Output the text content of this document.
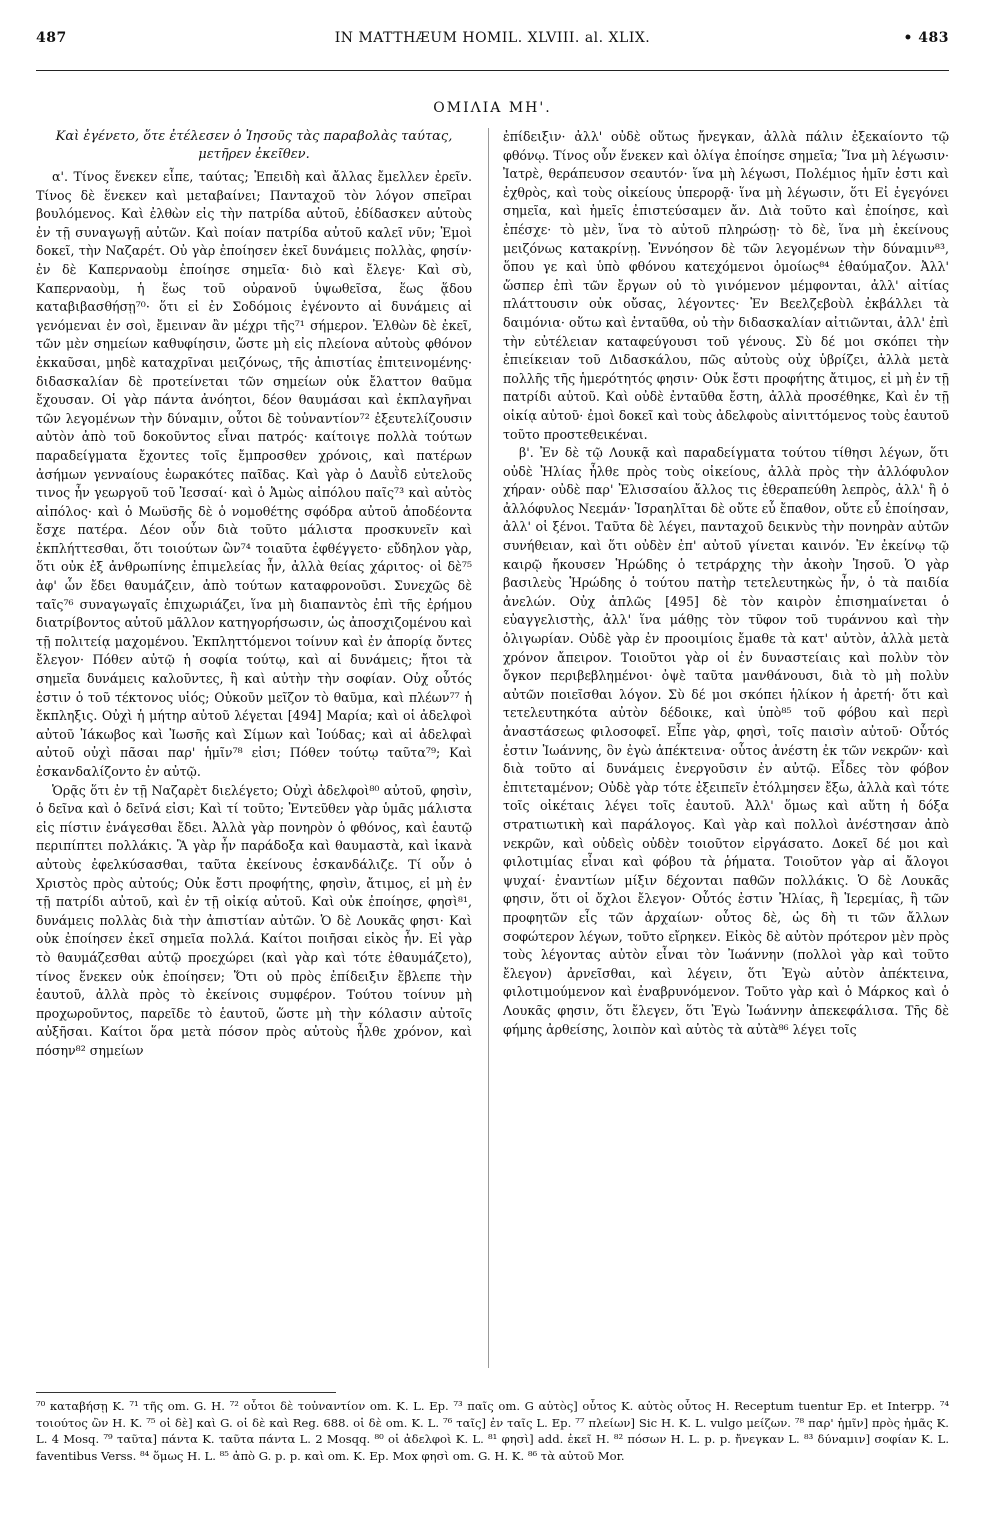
487	IN MATTHÆUM HOMIL. XLVIII. al. XLIX.	• 483
ΟΜΙΛΙΑ ΜΗ'.

Καὶ ἐγένετο, ὅτε ἐτέλεσεν ὁ Ἰησοῦς τὰς παραβολὰς ταύτας, μετῆρεν ἐκεῖθεν.

α'. Τίνος ἕνεκεν εἶπε, ταύτας; Ἐπειδὴ καὶ ἄλλας ἔμελλεν ἐρεῖν. Τίνος δὲ ἕνεκεν καὶ μεταβαίνει; Πανταχοῦ τὸν λόγον σπεῖραι βουλόμενος. Καὶ ἐλθὼν εἰς τὴν πατρίδα αὐτοῦ, ἐδίδασκεν αὐτοὺς ἐν τῇ συναγωγῇ αὐτῶν. Καὶ ποίαν πατρίδα αὐτοῦ καλεῖ νῦν; Ἐμοὶ δοκεῖ, τὴν Ναζαρέτ. Οὐ γὰρ ἐποίησεν ἐκεῖ δυνάμεις πολλὰς, φησίν· ἐν δὲ Καπερναοὺμ ἐποίησε σημεῖα· διὸ καὶ ἔλεγε· Καὶ σὺ, Καπερναοὺμ, ἡ ἕως τοῦ οὐρανοῦ ὑψωθεῖσα, ἕως ᾅδου καταβιβασθήσῃ⁷⁰· ὅτι εἰ ἐν Σοδόμοις ἐγένοντο αἱ δυνάμεις αἱ γενόμεναι ἐν σοὶ, ἔμειναν ἂν μέχρι τῆς⁷¹ σήμερον. Ἐλθὼν δὲ ἐκεῖ, τῶν μὲν σημείων καθυφίησιν, ὥστε μὴ εἰς πλείονα αὐτοὺς φθόνον ἐκκαῦσαι, μηδὲ καταχρῖναι μειζόνως, τῆς ἀπιστίας ἐπιτεινομένης· διδασκαλίαν δὲ προτείνεται τῶν σημείων οὐκ ἔλαττον θαῦμα ἔχουσαν. Οἱ γὰρ πάντα ἀνόητοι, δέον θαυμάσαι καὶ ἐκπλαγῆναι τῶν λεγομένων τὴν δύναμιν, οὗτοι δὲ τοὐναντίον⁷² ἐξευτελίζουσιν αὐτὸν ἀπὸ τοῦ δοκοῦντος εἶναι πατρός· καίτοιγε πολλὰ τούτων παραδείγματα ἔχοντες τοῖς ἔμπροσθεν χρόνοις, καὶ πατέρων ἀσήμων γενναίους ἑωρακότες παῖδας. Καὶ γὰρ ὁ Δαυῒδ εὐτελοῦς τινος ἦν γεωργοῦ τοῦ Ἰεσσαί· καὶ ὁ Ἀμὼς αἰπόλου παῖς⁷³ καὶ αὐτὸς αἰπόλος· καὶ ὁ Μωϋσῆς δὲ ὁ νομοθέτης σφόδρα αὐτοῦ ἀποδέοντα ἔσχε πατέρα. Δέον οὖν διὰ τοῦτο μάλιστα προσκυνεῖν καὶ ἐκπλήττεσθαι, ὅτι τοιούτων ὢν⁷⁴ τοιαῦτα ἐφθέγγετο· εὔδηλον γὰρ, ὅτι οὐκ ἐξ ἀνθρωπίνης ἐπιμελείας ἦν, ἀλλὰ θείας χάριτος· οἱ δὲ⁷⁵ ἀφ' ὧν ἔδει θαυμάζειν, ἀπὸ τούτων καταφρονοῦσι. Συνεχῶς δὲ ταῖς⁷⁶ συναγωγαῖς ἐπιχωριάζει, ἵνα μὴ διαπαντὸς ἐπὶ τῆς ἐρήμου διατρίβοντος αὐτοῦ μᾶλλον κατηγορήσωσιν, ὡς ἀποσχιζομένου καὶ τῇ πολιτείᾳ μαχομένου. Ἐκπληττόμενοι τοίνυν καὶ ἐν ἀπορίᾳ ὄντες ἔλεγον· Πόθεν αὐτῷ ἡ σοφία τούτῳ, καὶ αἱ δυνάμεις; ἤτοι τὰ σημεῖα δυνάμεις καλοῦντες, ἢ καὶ αὐτὴν τὴν σοφίαν. Οὐχ οὗτός ἐστιν ὁ τοῦ τέκτονος υἱός; Οὐκοῦν μεῖζον τὸ θαῦμα, καὶ πλέων⁷⁷ ἡ ἔκπληξις. Οὐχὶ ἡ μήτηρ αὐτοῦ λέγεται [494] Μαρία; καὶ οἱ ἀδελφοὶ αὐτοῦ Ἰάκωβος καὶ Ἰωσῆς καὶ Σίμων καὶ Ἰούδας; καὶ αἱ ἀδελφαὶ αὐτοῦ οὐχὶ πᾶσαι παρ' ἡμῖν⁷⁸ εἰσι; Πόθεν τούτῳ ταῦτα⁷⁹; Καὶ ἐσκανδαλίζοντο ἐν αὐτῷ.

Ὁρᾷς ὅτι ἐν τῇ Ναζαρὲτ διελέγετο; Οὐχὶ ἀδελφοὶ⁸⁰ αὐτοῦ, φησὶν, ὁ δεῖνα καὶ ὁ δεῖνά εἰσι; Καὶ τί τοῦτο; Ἐντεῦθεν γὰρ ὑμᾶς μάλιστα εἰς πίστιν ἐνάγεσθαι ἔδει. Ἀλλὰ γὰρ πονηρὸν ὁ φθόνος, καὶ ἑαυτῷ περιπίπτει πολλάκις. Ἃ γὰρ ἦν παράδοξα καὶ θαυμαστὰ, καὶ ἱκανὰ αὐτοὺς ἐφελκύσασθαι, ταῦτα ἐκείνους ἐσκανδάλιζε. Τί οὖν ὁ Χριστὸς πρὸς αὐτούς; Οὐκ ἔστι προφήτης, φησὶν, ἄτιμος, εἰ μὴ ἐν τῇ πατρίδι αὐτοῦ, καὶ ἐν τῇ οἰκίᾳ αὐτοῦ. Καὶ οὐκ ἐποίησε, φησὶ⁸¹, δυνάμεις πολλὰς διὰ τὴν ἀπιστίαν αὐτῶν. Ὁ δὲ Λουκᾶς φησι· Καὶ οὐκ ἐποίησεν ἐκεῖ σημεῖα πολλά. Καίτοι ποιῆσαι εἰκὸς ἦν. Εἰ γὰρ τὸ θαυμάζεσθαι αὐτῷ προεχώρει (καὶ γὰρ καὶ τότε ἐθαυμάζετο), τίνος ἕνεκεν οὐκ ἐποίησεν; Ὅτι οὐ πρὸς ἐπίδειξιν ἔβλεπε τὴν ἑαυτοῦ, ἀλλὰ πρὸς τὸ ἐκείνοις συμφέρον. Τούτου τοίνυν μὴ προχωροῦντος, παρεῖδε τὸ ἑαυτοῦ, ὥστε μὴ τὴν κόλασιν αὐτοῖς αὐξῆσαι. Καίτοι ὅρα μετὰ πόσον πρὸς αὐτοὺς ἦλθε χρόνον, καὶ πόσην⁸² σημείων

ἐπίδειξιν· ἀλλ' οὐδὲ οὕτως ἤνεγκαν, ἀλλὰ πάλιν ἐξεκαίοντο τῷ φθόνῳ. Τίνος οὖν ἕνεκεν καὶ ὀλίγα ἐποίησε σημεῖα; Ἵνα μὴ λέγωσιν· Ἰατρὲ, θεράπευσον σεαυτόν· ἵνα μὴ λέγωσι, Πολέμιος ἡμῖν ἐστι καὶ ἐχθρὸς, καὶ τοὺς οἰκείους ὑπερορᾷ· ἵνα μὴ λέγωσιν, ὅτι Εἰ ἐγεγόνει σημεῖα, καὶ ἡμεῖς ἐπιστεύσαμεν ἄν. Διὰ τοῦτο καὶ ἐποίησε, καὶ ἐπέσχε· τὸ μὲν, ἵνα τὸ αὐτοῦ πληρώσῃ· τὸ δὲ, ἵνα μὴ ἐκείνους μειζόνως κατακρίνῃ. Ἐννόησον δὲ τῶν λεγομένων τὴν δύναμιν⁸³, ὅπου γε καὶ ὑπὸ φθόνου κατεχόμενοι ὁμοίως⁸⁴ ἐθαύμαζον. Ἀλλ' ὥσπερ ἐπὶ τῶν ἔργων οὐ τὸ γινόμενον μέμφονται, ἀλλ' αἰτίας πλάττουσιν οὐκ οὔσας, λέγοντες· Ἐν Βεελζεβοὺλ ἐκβάλλει τὰ δαιμόνια· οὕτω καὶ ἐνταῦθα, οὐ τὴν διδασκαλίαν αἰτιῶνται, ἀλλ' ἐπὶ τὴν εὐτέλειαν καταφεύγουσι τοῦ γένους. Σὺ δέ μοι σκόπει τὴν ἐπιείκειαν τοῦ Διδασκάλου, πῶς αὐτοὺς οὐχ ὑβρίζει, ἀλλὰ μετὰ πολλῆς τῆς ἡμερότητός φησιν· Οὐκ ἔστι προφήτης ἄτιμος, εἰ μὴ ἐν τῇ πατρίδι αὐτοῦ. Καὶ οὐδὲ ἐνταῦθα ἔστη, ἀλλὰ προσέθηκε, Καὶ ἐν τῇ οἰκίᾳ αὐτοῦ· ἐμοὶ δοκεῖ καὶ τοὺς ἀδελφοὺς αἰνιττόμενος τοὺς ἑαυτοῦ τοῦτο προστεθεικέναι.

β'. Ἐν δὲ τῷ Λουκᾷ καὶ παραδείγματα τούτου τίθησι λέγων, ὅτι οὐδὲ Ἠλίας ἦλθε πρὸς τοὺς οἰκείους, ἀλλὰ πρὸς τὴν ἀλλόφυλον χήραν· οὐδὲ παρ' Ἐλισσαίου ἄλλος τις ἐθεραπεύθη λεπρὸς, ἀλλ' ἢ ὁ ἀλλόφυλος Νεεμάν· Ἰσραηλῖται δὲ οὔτε εὖ ἔπαθον, οὔτε εὖ ἐποίησαν, ἀλλ' οἱ ξένοι. Ταῦτα δὲ λέγει, πανταχοῦ δεικνὺς τὴν πονηρὰν αὐτῶν συνήθειαν, καὶ ὅτι οὐδὲν ἐπ' αὐτοῦ γίνεται καινόν. Ἐν ἐκείνῳ τῷ καιρῷ ἤκουσεν Ἡρώδης ὁ τετράρχης τὴν ἀκοὴν Ἰησοῦ. Ὁ γὰρ βασιλεὺς Ἡρώδης ὁ τούτου πατὴρ τετελευτηκὼς ἦν, ὁ τὰ παιδία ἀνελών. Οὐχ ἁπλῶς [495] δὲ τὸν καιρὸν ἐπισημαίνεται ὁ εὐαγγελιστὴς, ἀλλ' ἵνα μάθῃς τὸν τῦφον τοῦ τυράννου καὶ τὴν ὀλιγωρίαν. Οὐδὲ γὰρ ἐν προοιμίοις ἔμαθε τὰ κατ' αὐτὸν, ἀλλὰ μετὰ χρόνον ἄπειρον. Τοιοῦτοι γὰρ οἱ ἐν δυναστείαις καὶ πολὺν τὸν ὄγκον περιβεβλημένοι· ὀψὲ ταῦτα μανθάνουσι, διὰ τὸ μὴ πολὺν αὐτῶν ποιεῖσθαι λόγον. Σὺ δέ μοι σκόπει ἡλίκον ἡ ἀρετή· ὅτι καὶ τετελευτηκότα αὐτὸν δέδοικε, καὶ ὑπὸ⁸⁵ τοῦ φόβου καὶ περὶ ἀναστάσεως φιλοσοφεῖ. Εἶπε γὰρ, φησὶ, τοῖς παισὶν αὐτοῦ· Οὗτός ἐστιν Ἰωάννης, ὃν ἐγὼ ἀπέκτεινα· οὗτος ἀνέστη ἐκ τῶν νεκρῶν· καὶ διὰ τοῦτο αἱ δυνάμεις ἐνεργοῦσιν ἐν αὐτῷ. Εἶδες τὸν φόβον ἐπιτεταμένον; Οὐδὲ γὰρ τότε ἐξειπεῖν ἐτόλμησεν ἔξω, ἀλλὰ καὶ τότε τοῖς οἰκέταις λέγει τοῖς ἑαυτοῦ. Ἀλλ' ὅμως καὶ αὕτη ἡ δόξα στρατιωτικὴ καὶ παράλογος. Καὶ γὰρ καὶ πολλοὶ ἀνέστησαν ἀπὸ νεκρῶν, καὶ οὐδεὶς οὐδὲν τοιοῦτον εἰργάσατο. Δοκεῖ δέ μοι καὶ φιλοτιμίας εἶναι καὶ φόβου τὰ ῥήματα. Τοιοῦτον γὰρ αἱ ἄλογοι ψυχαί· ἐναντίων μίξιν δέχονται παθῶν πολλάκις. Ὁ δὲ Λουκᾶς φησιν, ὅτι οἱ ὄχλοι ἔλεγον· Οὗτός ἐστιν Ἠλίας, ἢ Ἱερεμίας, ἢ τῶν προφητῶν εἷς τῶν ἀρχαίων· οὗτος δὲ, ὡς δὴ τι τῶν ἄλλων σοφώτερον λέγων, τοῦτο εἴρηκεν. Εἰκὸς δὲ αὐτὸν πρότερον μὲν πρὸς τοὺς λέγοντας αὐτὸν εἶναι τὸν Ἰωάννην (πολλοὶ γὰρ καὶ τοῦτο ἔλεγον) ἀρνεῖσθαι, καὶ λέγειν, ὅτι Ἐγὼ αὐτὸν ἀπέκτεινα, φιλοτιμούμενον καὶ ἐναβρυνόμενον. Τοῦτο γὰρ καὶ ὁ Μάρκος καὶ ὁ Λουκᾶς φησιν, ὅτι ἔλεγεν, ὅτι Ἐγὼ Ἰωάννην ἀπεκεφάλισα. Τῆς δὲ φήμης ἀρθείσης, λοιπὸν καὶ αὐτὸς τὰ αὐτὰ⁸⁶ λέγει τοῖς

⁷⁰ καταβήσῃ K. ⁷¹ τῆς om. G. H. ⁷² οὗτοι δὲ τοὐναντίον om. K. L. Ep. ⁷³ παῖς om. G αὐτὸς] οὗτος K. αὐτὸς οὗτος H. Receptum tuentur Ep. et Interpp. ⁷⁴ τοιούτος ὢν H. K. ⁷⁵ οἱ δὲ] καὶ G. οἱ δὲ καὶ Reg. 688. οἱ δὲ om. K. L. ⁷⁶ ταῖς] ἐν ταῖς L. Ep. ⁷⁷ πλείων] Sic H. K. L. vulgo μείζων. ⁷⁸ παρ' ἡμῖν] πρὸς ἡμᾶς K. L. 4 Mosq. ⁷⁹ ταῦτα] πάντα K. ταῦτα πάντα L. 2 Mosqq. ⁸⁰ οἱ ἀδελφοὶ K. L. ⁸¹ φησὶ] add. ἐκεῖ H. ⁸² πόσων H. L. p. p. ἤνεγκαν L. ⁸³ δύναμιν] σοφίαν K. L. faventibus Verss. ⁸⁴ ὅμως H. L. ⁸⁵ ἀπὸ G. p. p. καὶ om. K. Ep. Mox φησὶ om. G. H. K. ⁸⁶ τὰ αὐτοῦ Mor.
